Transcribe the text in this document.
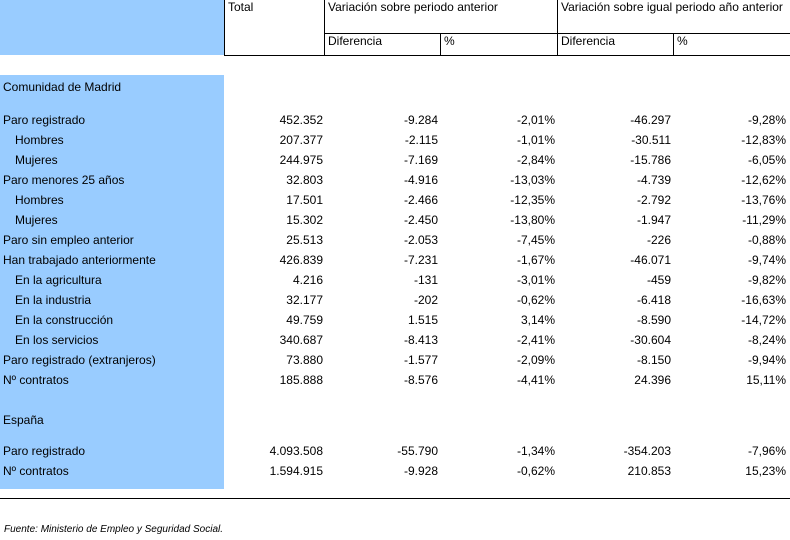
Total	Variación sobre periodo anterior	Variación sobre igual periodo año anterior
Diferencia	%	Diferencia	%
Comunidad de Madrid
Paro registrado	452.352	-9.284	-2,01%	-46.297	-9,28%
Hombres	207.377	-2.115	-1,01%	-30.511	-12,83%
Mujeres	244.975	-7.169	-2,84%	-15.786	-6,05%
Paro menores 25 años	32.803	-4.916	-13,03%	-4.739	-12,62%
Hombres	17.501	-2.466	-12,35%	-2.792	-13,76%
Mujeres	15.302	-2.450	-13,80%	-1.947	-11,29%
Paro sin empleo anterior	25.513	-2.053	-7,45%	-226	-0,88%
Han trabajado anteriormente	426.839	-7.231	-1,67%	-46.071	-9,74%
En la agricultura	4.216	-131	-3,01%	-459	-9,82%
En la industria	32.177	-202	-0,62%	-6.418	-16,63%
En la construcción	49.759	1.515	3,14%	-8.590	-14,72%
En los servicios	340.687	-8.413	-2,41%	-30.604	-8,24%
Paro registrado (extranjeros)	73.880	-1.577	-2,09%	-8.150	-9,94%
Nº contratos	185.888	-8.576	-4,41%	24.396	15,11%
España
Paro registrado	4.093.508	-55.790	-1,34%	-354.203	-7,96%
Nº contratos	1.594.915	-9.928	-0,62%	210.853	15,23%
Fuente: Ministerio de Empleo y Seguridad Social.
